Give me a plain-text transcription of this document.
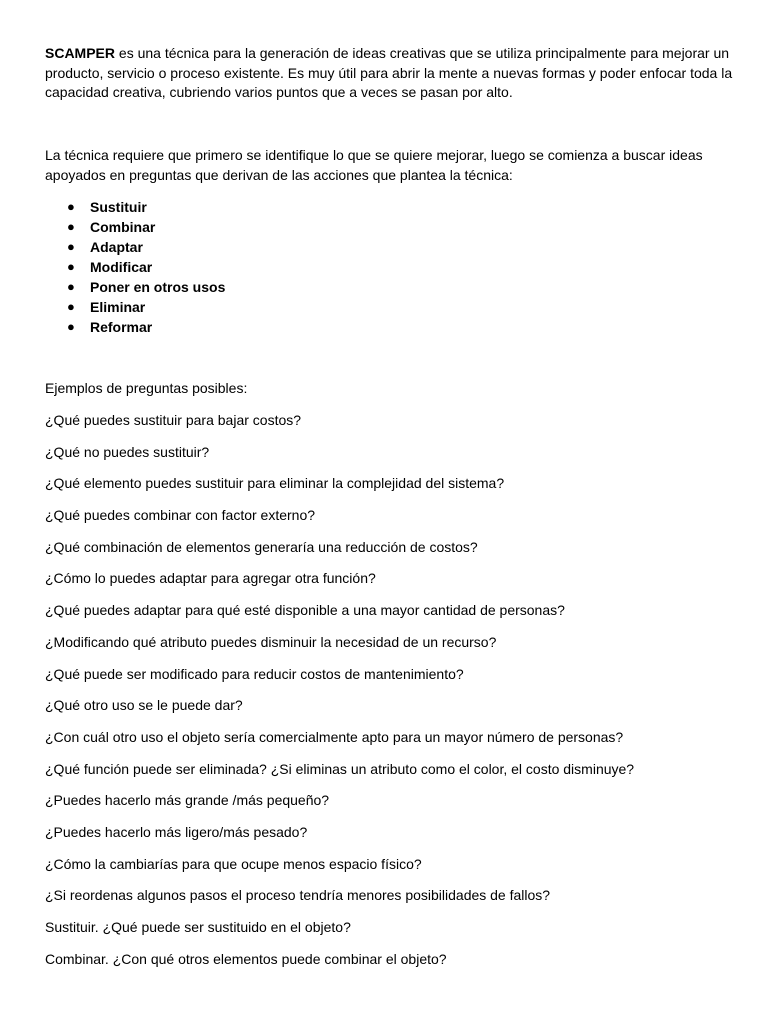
SCAMPER es una técnica para la generación de ideas creativas que se utiliza principalmente para mejorar un producto, servicio o proceso existente. Es muy útil para abrir la mente a nuevas formas y poder enfocar toda la capacidad creativa, cubriendo varios puntos que a veces se pasan por alto.

La técnica requiere que primero se identifique lo que se quiere mejorar, luego se comienza a buscar ideas apoyados en preguntas que derivan de las acciones que plantea la técnica:

● Sustituir
● Combinar
● Adaptar
● Modificar
● Poner en otros usos
● Eliminar
● Reformar

Ejemplos de preguntas posibles:

¿Qué puedes sustituir para bajar costos?
¿Qué no puedes sustituir?
¿Qué elemento puedes sustituir para eliminar la complejidad del sistema?
¿Qué puedes combinar con factor externo?
¿Qué combinación de elementos generaría una reducción de costos?
¿Cómo lo puedes adaptar para agregar otra función?
¿Qué puedes adaptar para qué esté disponible a una mayor cantidad de personas?
¿Modificando qué atributo puedes disminuir la necesidad de un recurso?
¿Qué puede ser modificado para reducir costos de mantenimiento?
¿Qué otro uso se le puede dar?
¿Con cuál otro uso el objeto sería comercialmente apto para un mayor número de personas?
¿Qué función puede ser eliminada? ¿Si eliminas un atributo como el color, el costo disminuye?
¿Puedes hacerlo más grande /más pequeño?
¿Puedes hacerlo más ligero/más pesado?
¿Cómo la cambiarías para que ocupe menos espacio físico?
¿Si reordenas algunos pasos el proceso tendría menores posibilidades de fallos?
Sustituir. ¿Qué puede ser sustituido en el objeto?
Combinar. ¿Con qué otros elementos puede combinar el objeto?
